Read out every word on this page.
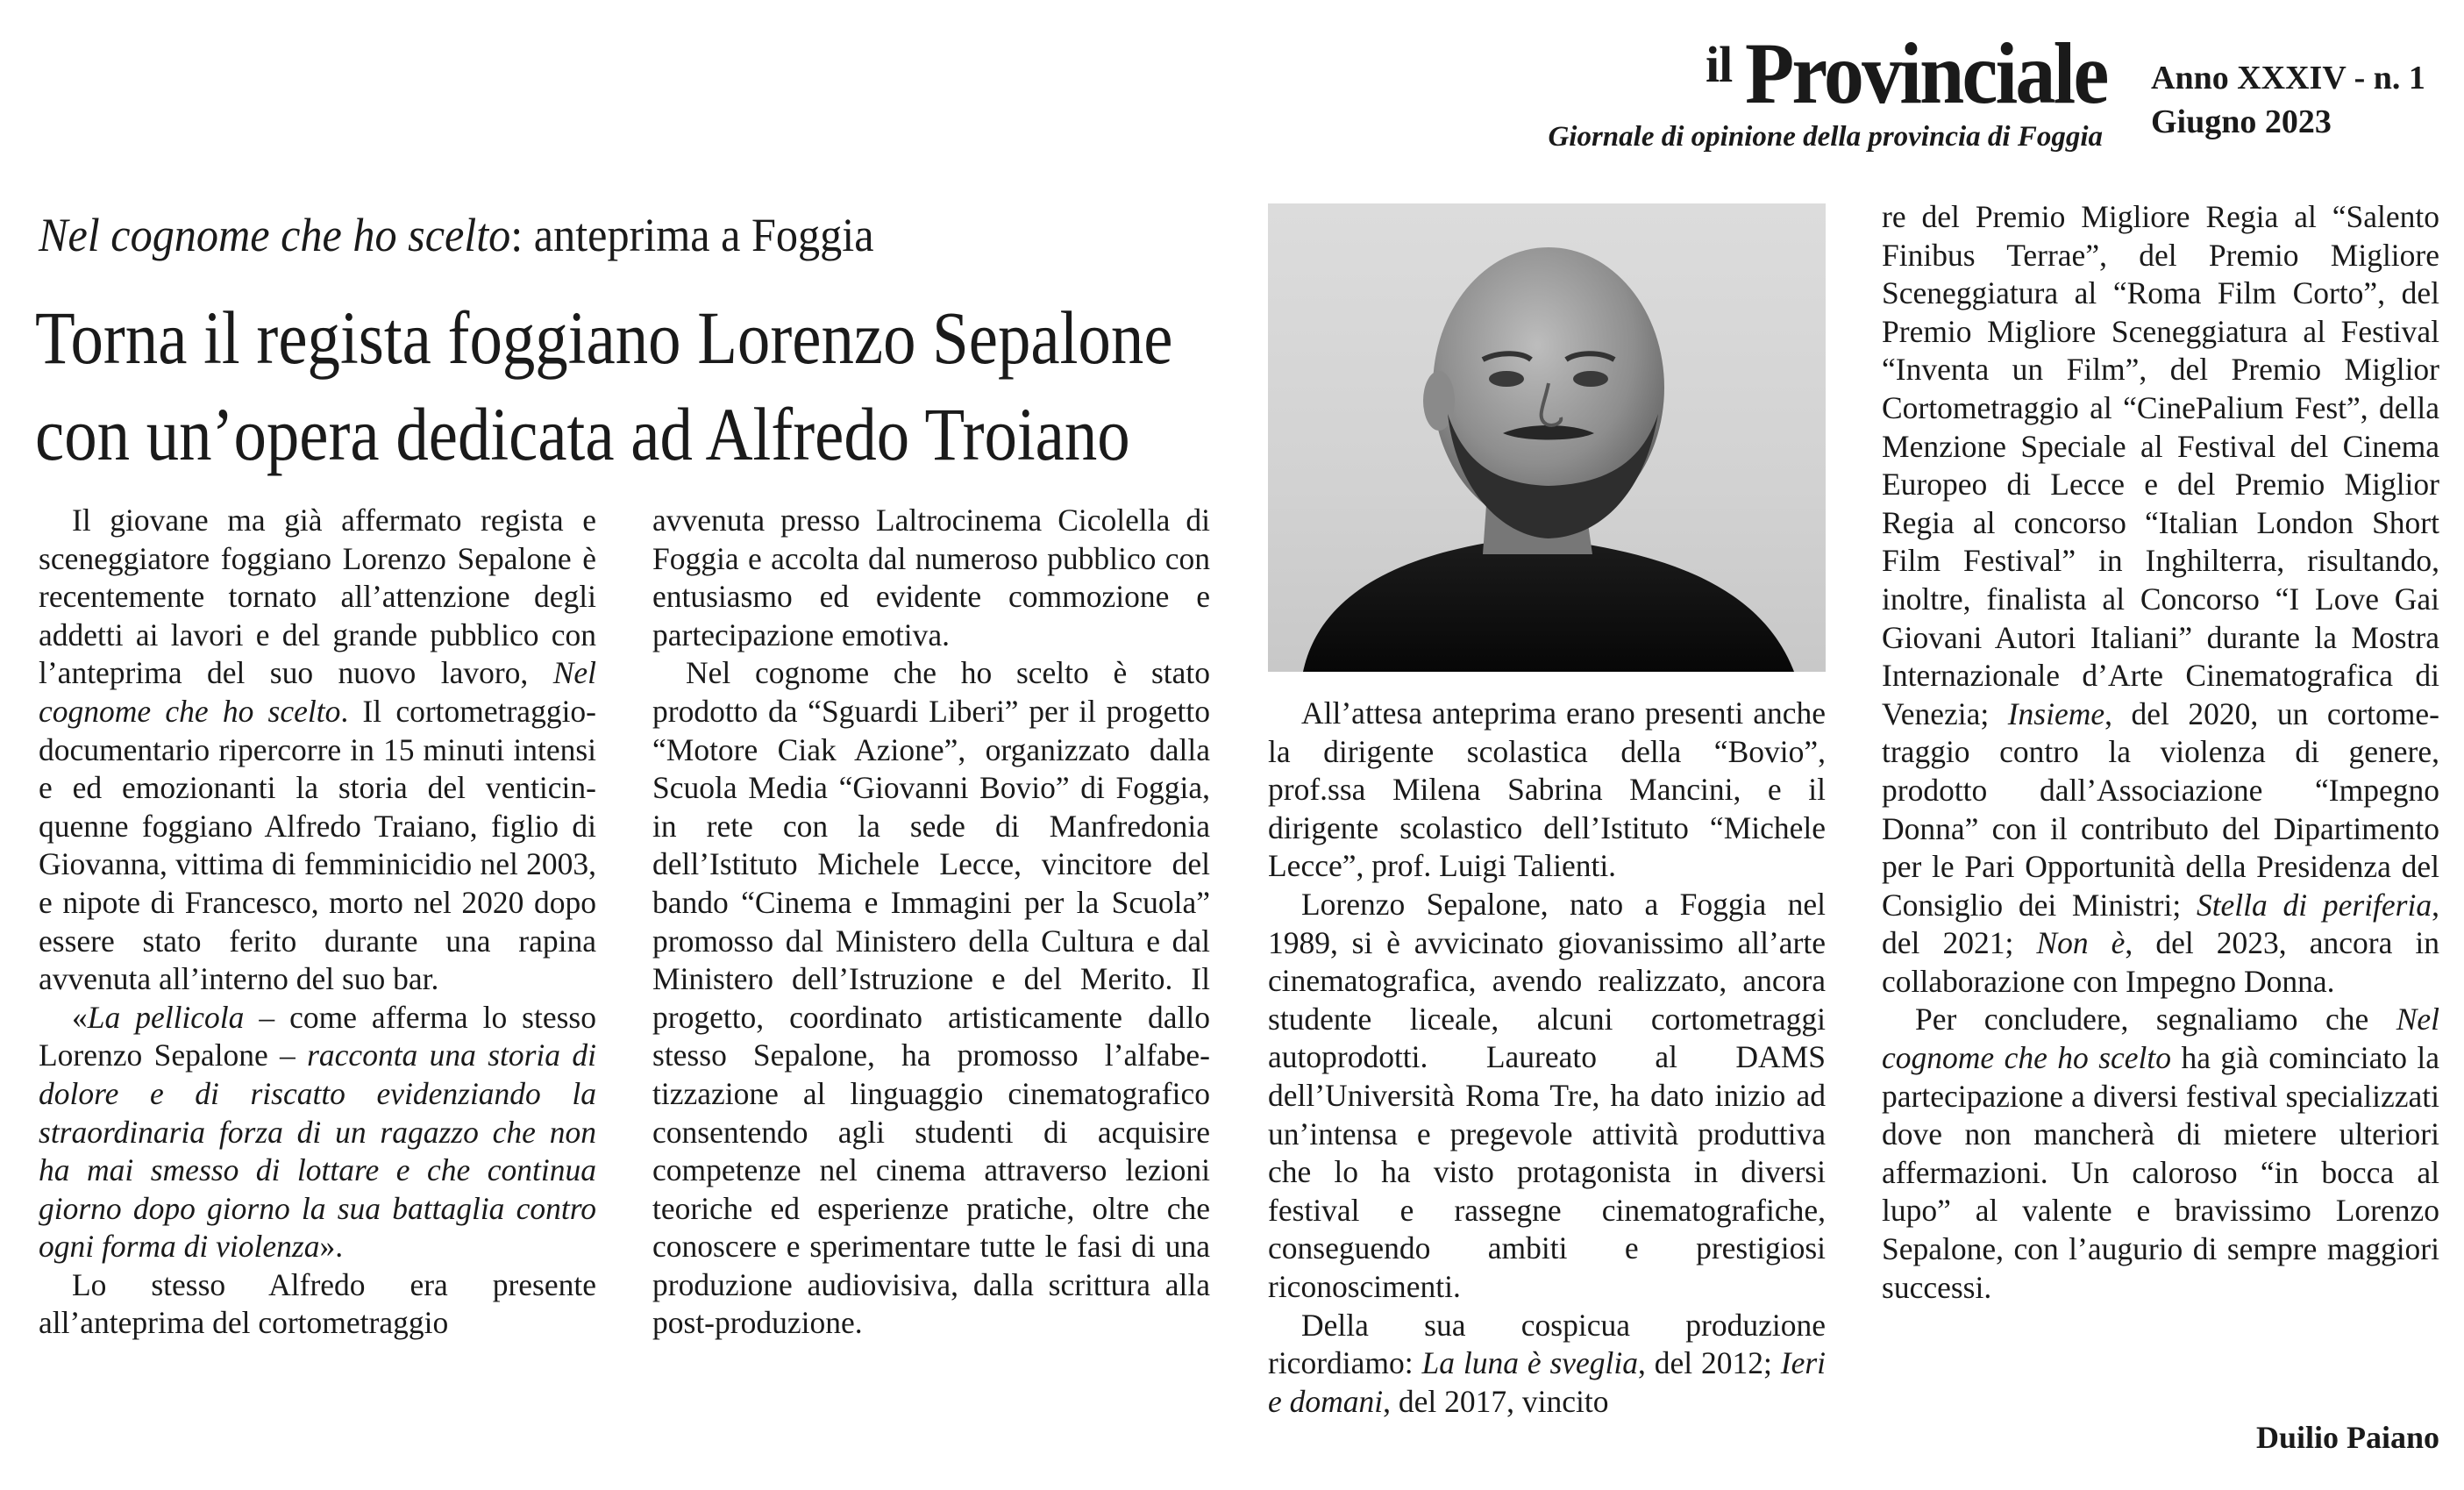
il Provinciale
Giornale di opinione della provincia di Foggia
Anno XXXIV - n. 1
Giugno 2023
Nel cognome che ho scelto: anteprima a Foggia
Torna il regista foggiano Lorenzo Sepalone
con un’opera dedicata ad Alfredo Troiano

Il giovane ma già affermato regista e sceneggiatore foggiano Lorenzo Sepalone è recentemente tornato all’attenzione degli addetti ai lavori e del grande pubblico con l’anteprima del suo nuovo lavoro, Nel cognome che ho scelto. Il cortometraggio-documentario ripercorre in 15 minuti intensi e ed emozionanti la storia del venticinquenne foggiano Alfredo Traiano, figlio di Giovanna, vittima di femminicidio nel 2003, e nipote di Francesco, morto nel 2020 dopo essere stato ferito durante una rapina avvenuta all’interno del suo bar.

«La pellicola – come afferma lo stesso Lorenzo Sepalone – racconta una storia di dolore e di riscatto evidenziando la straordinaria forza di un ragazzo che non ha mai smesso di lottare e che continua giorno dopo giorno la sua battaglia contro ogni forma di violenza».

Lo stesso Alfredo era presente all’anteprima del cortometraggio

avvenuta presso Laltrocinema Cicolella di Foggia e accolta dal numeroso pubblico con entusiasmo ed evidente commozione e partecipazione emotiva.

Nel cognome che ho scelto è stato prodotto da “Sguardi Liberi” per il progetto “Motore Ciak Azione”, organizzato dalla Scuola Media “Giovanni Bovio” di Foggia, in rete con la sede di Manfredonia dell’Istituto Michele Lecce, vincitore del bando “Cinema e Immagini per la Scuola” promosso dal Ministero della Cultura e dal Ministero dell’Istruzione e del Merito. Il progetto, coordinato artisticamente dallo stesso Sepalone, ha promosso l’alfabetizzazione al linguaggio cinematografico consentendo agli studenti di acquisire competenze nel cinema attraverso lezioni teoriche ed esperienze pratiche, oltre che conoscere e sperimentare tutte le fasi di una produzione audiovisiva, dalla scrittura alla post-produzione.

All’attesa anteprima erano presenti anche la dirigente scolastica della “Bovio”, prof.ssa Milena Sabrina Mancini, e il dirigente scolastico dell’Istituto “Michele Lecce”, prof. Luigi Talienti.

Lorenzo Sepalone, nato a Foggia nel 1989, si è avvicinato giovanissimo all’arte cinematografica, avendo realizzato, ancora studente liceale, alcuni cortometraggi autoprodotti. Laureato al DAMS dell’Università Roma Tre, ha dato inizio ad un’intensa e pregevole attività produttiva che lo ha visto protagonista in diversi festival e rassegne cinematografiche, conseguendo ambiti e prestigiosi riconoscimenti.

Della sua cospicua produzione ricordiamo: La luna è sveglia, del 2012; Ieri e domani, del 2017, vincito

re del Premio Migliore Regia al “Salento Finibus Terrae”, del Premio Migliore Sceneggiatura al “Roma Film Corto”, del Premio Migliore Sceneggiatura al Festival “Inventa un Film”, del Premio Miglior Cortometraggio al “CinePalium Fest”, della Menzione Speciale al Festival del Cinema Europeo di Lecce e del Premio Miglior Regia al concorso “Italian London Short Film Festival” in Inghilterra, risultando, inoltre, finalista al Concorso “I Love Gai Giovani Autori Italiani” durante la Mostra Internazionale d’Arte Cinematografica di Venezia; Insieme, del 2020, un cortometraggio contro la violenza di genere, prodotto dall’Associazione “Impegno Donna” con il contributo del Dipartimento per le Pari Opportunità della Presidenza del Consiglio dei Ministri; Stella di periferia, del 2021; Non è, del 2023, ancora in collaborazione con Impegno Donna.

Per concludere, segnaliamo che Nel cognome che ho scelto ha già cominciato la partecipazione a diversi festival specializzati dove non mancherà di mietere ulteriori affermazioni. Un caloroso “in bocca al lupo” al valente e bravissimo Lorenzo Sepalone, con l’augurio di sempre maggiori successi.

Duilio Paiano
